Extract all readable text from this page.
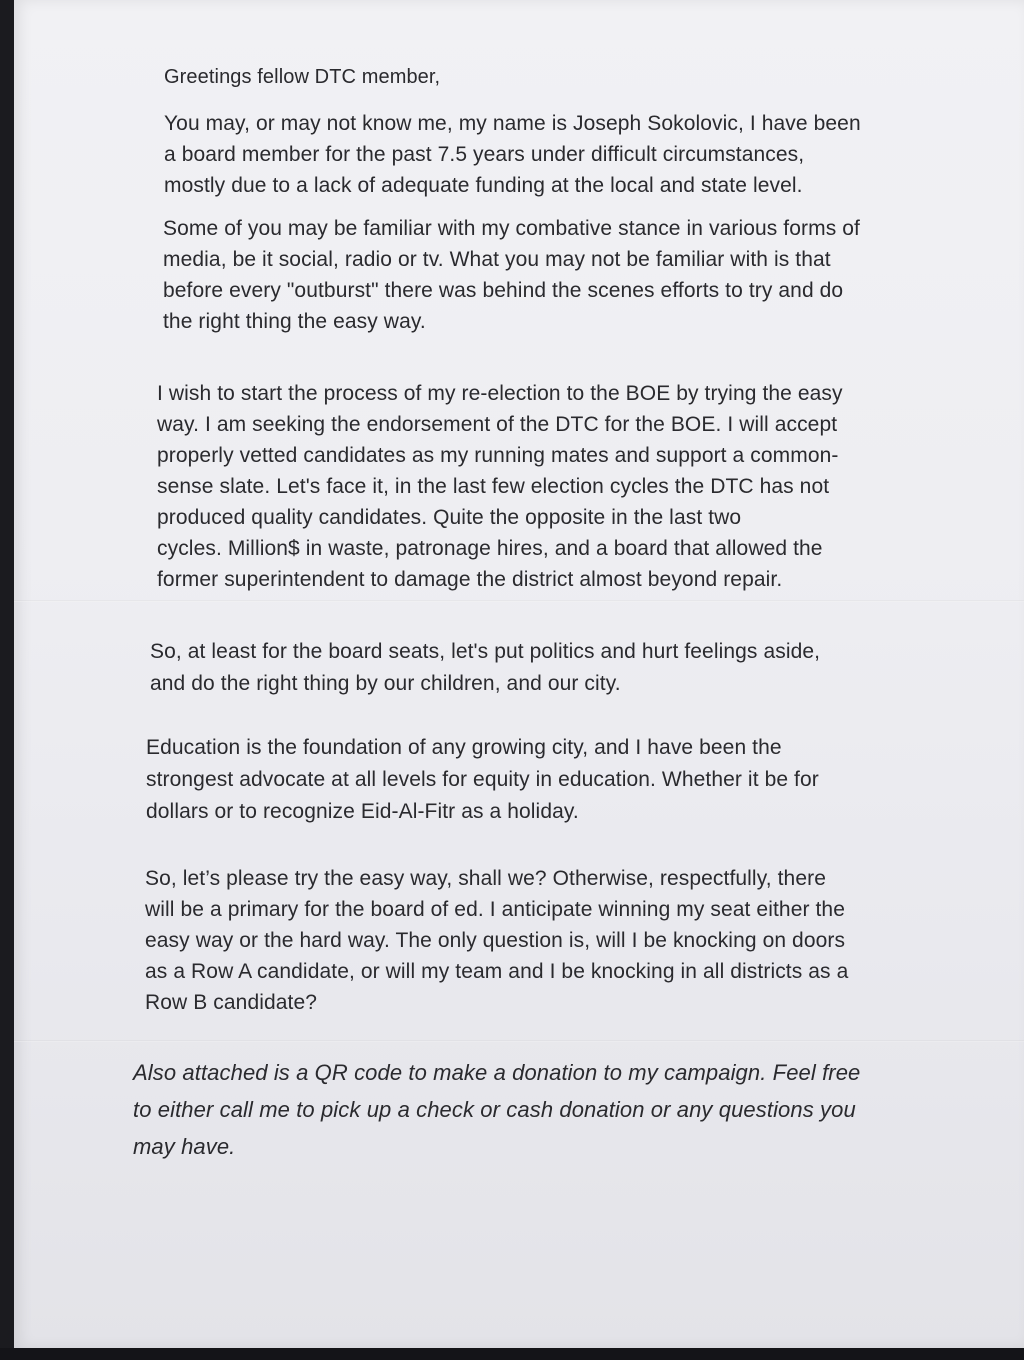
Greetings fellow DTC member,

You may, or may not know me, my name is Joseph Sokolovic, I have been
a board member for the past 7.5 years under difficult circumstances,
mostly due to a lack of adequate funding at the local and state level.

Some of you may be familiar with my combative stance in various forms of
media, be it social, radio or tv. What you may not be familiar with is that
before every "outburst" there was behind the scenes efforts to try and do
the right thing the easy way.

I wish to start the process of my re-election to the BOE by trying the easy
way. I am seeking the endorsement of the DTC for the BOE. I will accept
properly vetted candidates as my running mates and support a common-
sense slate. Let's face it, in the last few election cycles the DTC has not
produced quality candidates. Quite the opposite in the last two
cycles. Million$ in waste, patronage hires, and a board that allowed the
former superintendent to damage the district almost beyond repair.

So, at least for the board seats, let's put politics and hurt feelings aside,
and do the right thing by our children, and our city.

Education is the foundation of any growing city, and I have been the
strongest advocate at all levels for equity in education. Whether it be for
dollars or to recognize Eid-Al-Fitr as a holiday.

So, let’s please try the easy way, shall we? Otherwise, respectfully, there
will be a primary for the board of ed. I anticipate winning my seat either the
easy way or the hard way. The only question is, will I be knocking on doors
as a Row A candidate, or will my team and I be knocking in all districts as a
Row B candidate?

Also attached is a QR code to make a donation to my campaign. Feel free
to either call me to pick up a check or cash donation or any questions you
may have.
